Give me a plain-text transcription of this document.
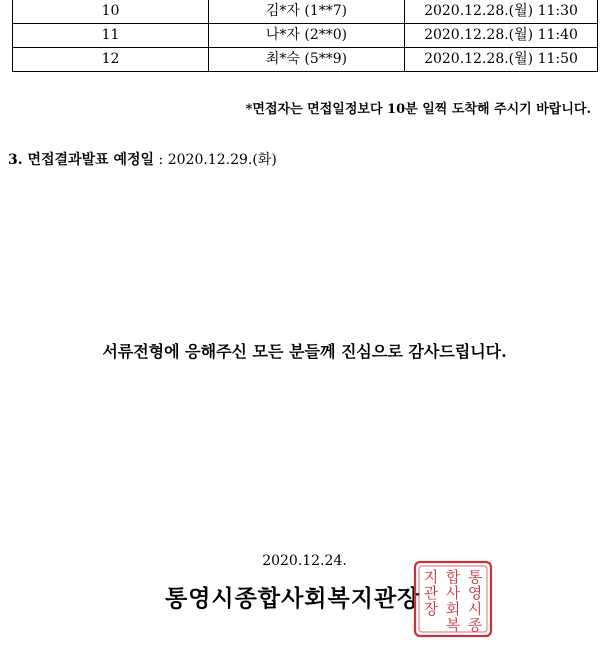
10	김*자 (1**7)	2020.12.28.(월) 11:30
11	나*자 (2**0)	2020.12.28.(월) 11:40
12	최*숙 (5**9)	2020.12.28.(월) 11:50
*면접자는 면접일정보다 10분 일찍 도착해 주시기 바랍니다.
3. 면접결과발표 예정일 : 2020.12.29.(화)
서류전형에 응해주신 모든 분들께 진심으로 감사드립니다.
2020.12.24.
통영시종합사회복지관장
통
영
시
종
합
사
회
복
지
관
장
